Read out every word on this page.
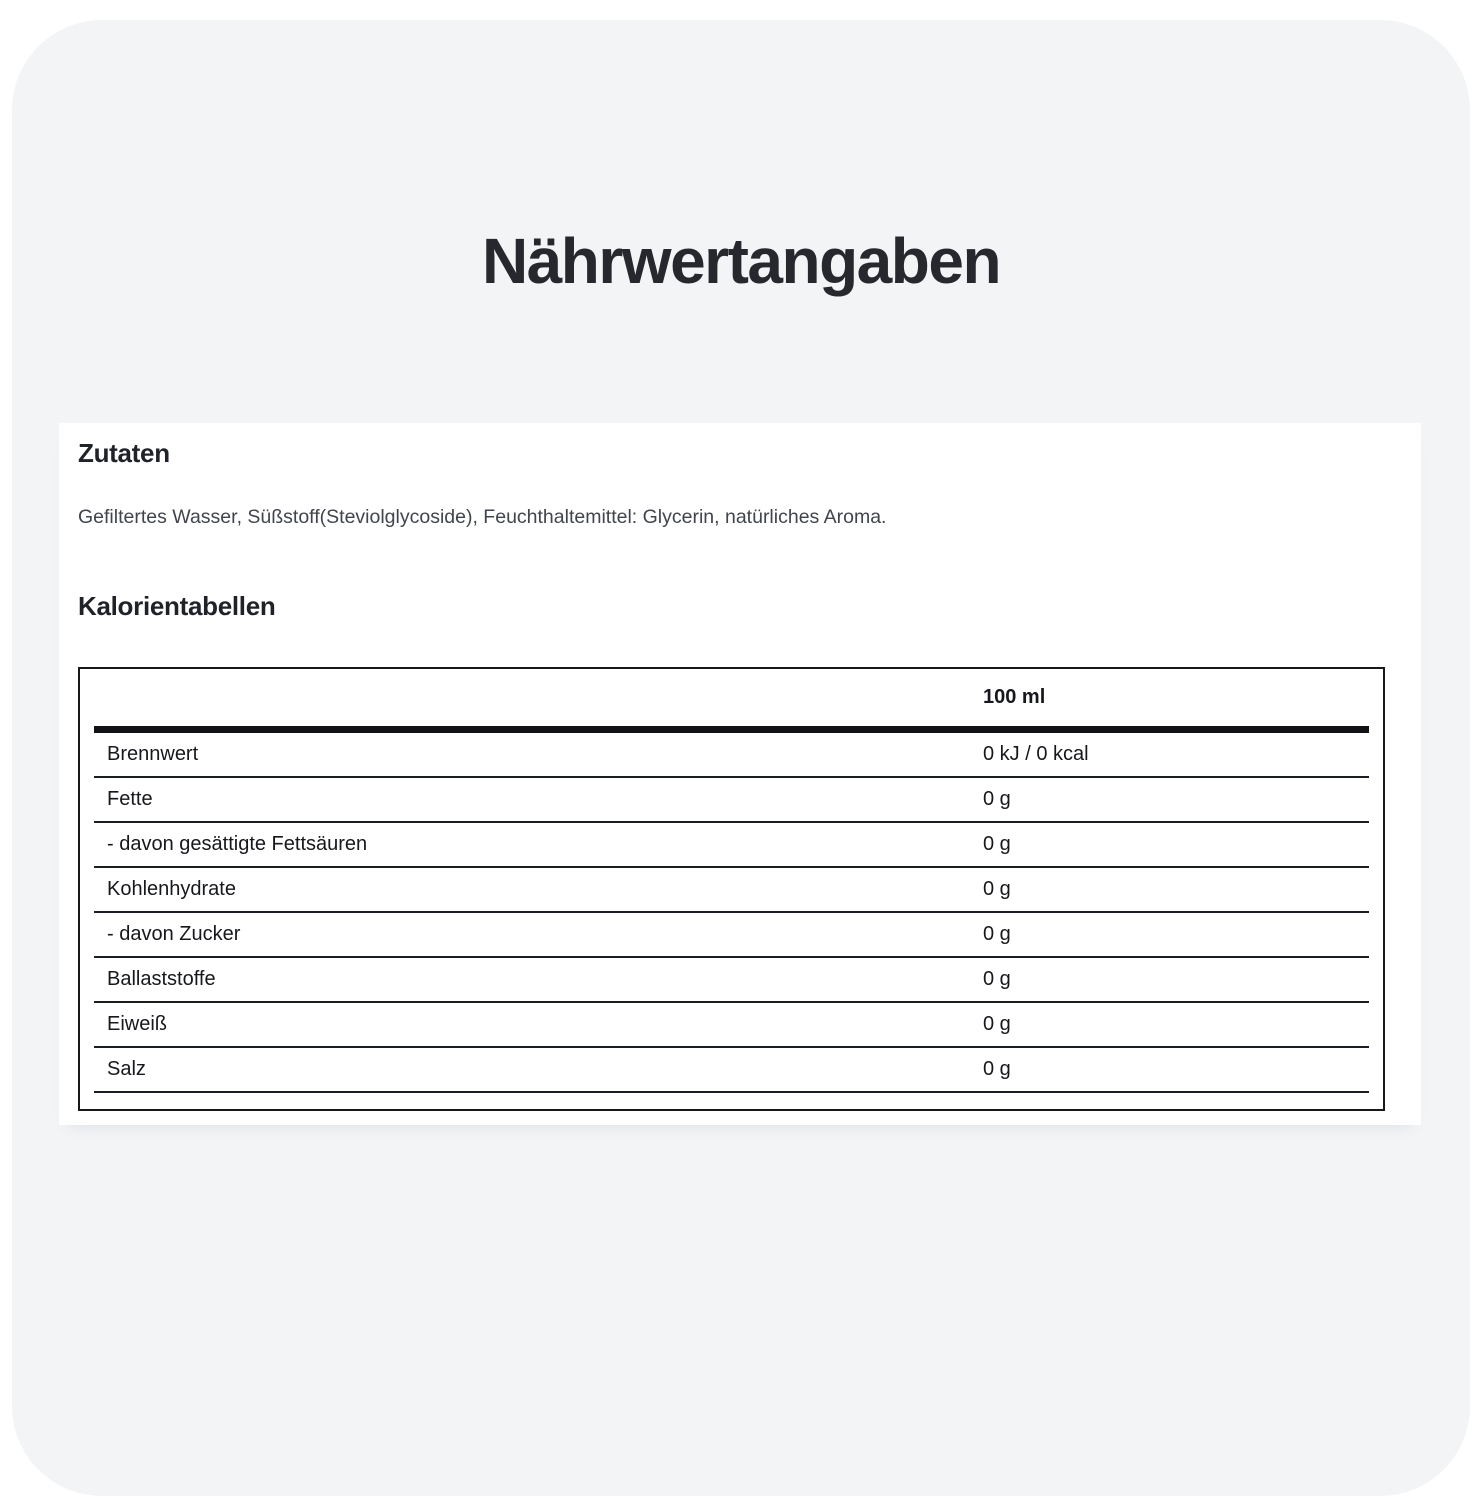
Nährwertangaben
Zutaten

Gefiltertes Wasser, Süßstoff(Steviolglycoside), Feuchthaltemittel: Glycerin, natürliches Aroma.

Kalorientabellen
100 ml
Brennwert	0 kJ / 0 kcal
Fette	0 g
- davon gesättigte Fettsäuren	0 g
Kohlenhydrate	0 g
- davon Zucker	0 g
Ballaststoffe	0 g
Eiweiß	0 g
Salz	0 g
